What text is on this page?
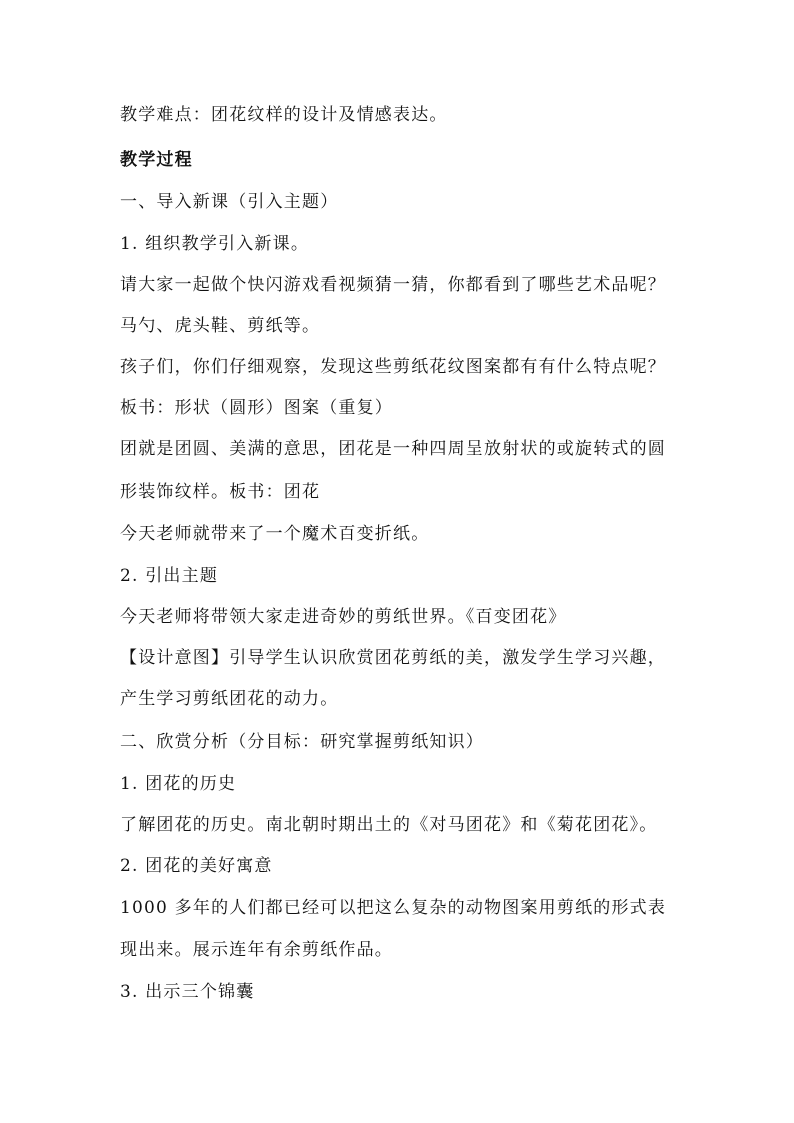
教学难点：团花纹样的设计及情感表达。
教学过程
一、导入新课（引入主题）
1. 组织教学引入新课。
请大家一起做个快闪游戏看视频猜一猜，你都看到了哪些艺术品呢？
马勺、虎头鞋、剪纸等。
孩子们，你们仔细观察，发现这些剪纸花纹图案都有有什么特点呢？
板书：形状（圆形）图案（重复）
团就是团圆、美满的意思，团花是一种四周呈放射状的或旋转式的圆
形装饰纹样。板书：团花
今天老师就带来了一个魔术百变折纸。
2. 引出主题
今天老师将带领大家走进奇妙的剪纸世界。《百变团花》
【设计意图】引导学生认识欣赏团花剪纸的美，激发学生学习兴趣，
产生学习剪纸团花的动力。
二、欣赏分析（分目标：研究掌握剪纸知识）
1. 团花的历史
了解团花的历史。南北朝时期出土的《对马团花》和《菊花团花》。
2. 团花的美好寓意
1000 多年的人们都已经可以把这么复杂的动物图案用剪纸的形式表
现出来。展示连年有余剪纸作品。
3. 出示三个锦囊
